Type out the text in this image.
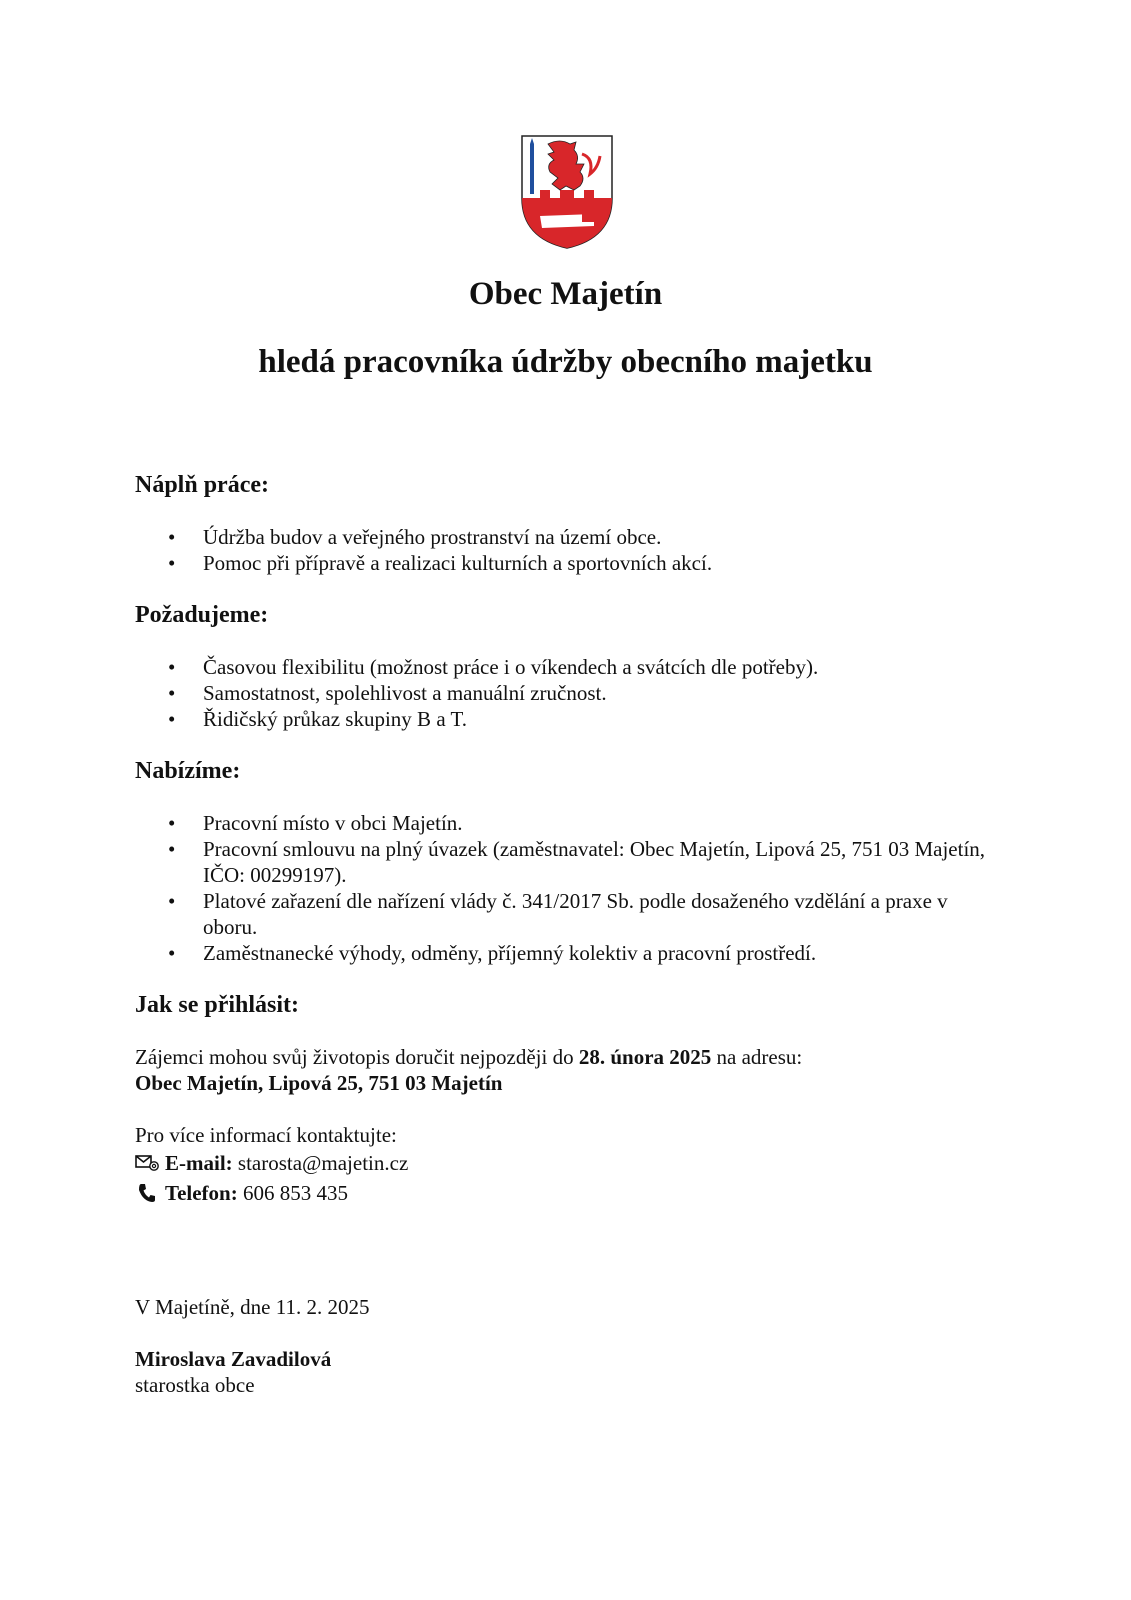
Obec Majetín
hledá pracovníka údržby obecního majetku

Náplň práce:

• Údržba budov a veřejného prostranství na území obce.
• Pomoc při přípravě a realizaci kulturních a sportovních akcí.

Požadujeme:

• Časovou flexibilitu (možnost práce i o víkendech a svátcích dle potřeby).
• Samostatnost, spolehlivost a manuální zručnost.
• Řidičský průkaz skupiny B a T.

Nabízíme:

• Pracovní místo v obci Majetín.
• Pracovní smlouvu na plný úvazek (zaměstnavatel: Obec Majetín, Lipová 25, 751 03 Majetín, IČO: 00299197).
• Platové zařazení dle nařízení vlády č. 341/2017 Sb. podle dosaženého vzdělání a praxe v oboru.
• Zaměstnanecké výhody, odměny, příjemný kolektiv a pracovní prostředí.

Jak se přihlásit:

Zájemci mohou svůj životopis doručit nejpozději do 28. února 2025 na adresu:

Obec Majetín, Lipová 25, 751 03 Majetín

Pro více informací kontaktujte:

E-mail:
starosta@majetin.cz
Telefon:
606 853 435

V Majetíně, dne 11. 2. 2025

Miroslava Zavadilová

starostka obce
